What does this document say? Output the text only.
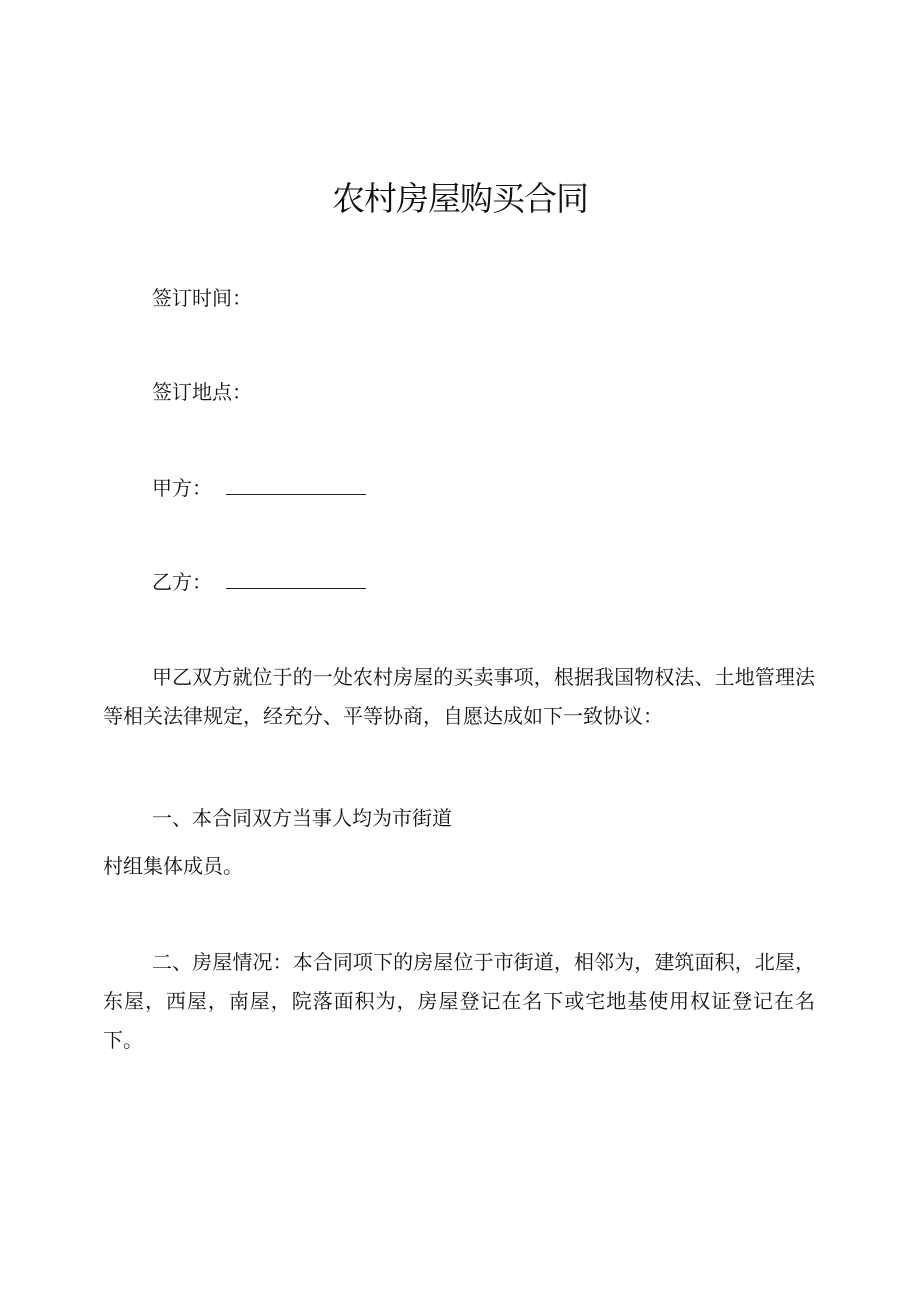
农村房屋购买合同
签订时间：
签订地点：
甲方：
乙方：

甲乙双方就位于的一处农村房屋的买卖事项，根据我国物权法、土地管理法等相关法律规定，经充分、平等协商，自愿达成如下一致协议：

一、本合同双方当事人均为市街道
村组集体成员。

二、房屋情况：本合同项下的房屋位于市街道，相邻为，建筑面积，北屋，东屋，西屋，南屋，院落面积为，房屋登记在名下或宅地基使用权证登记在名下。
